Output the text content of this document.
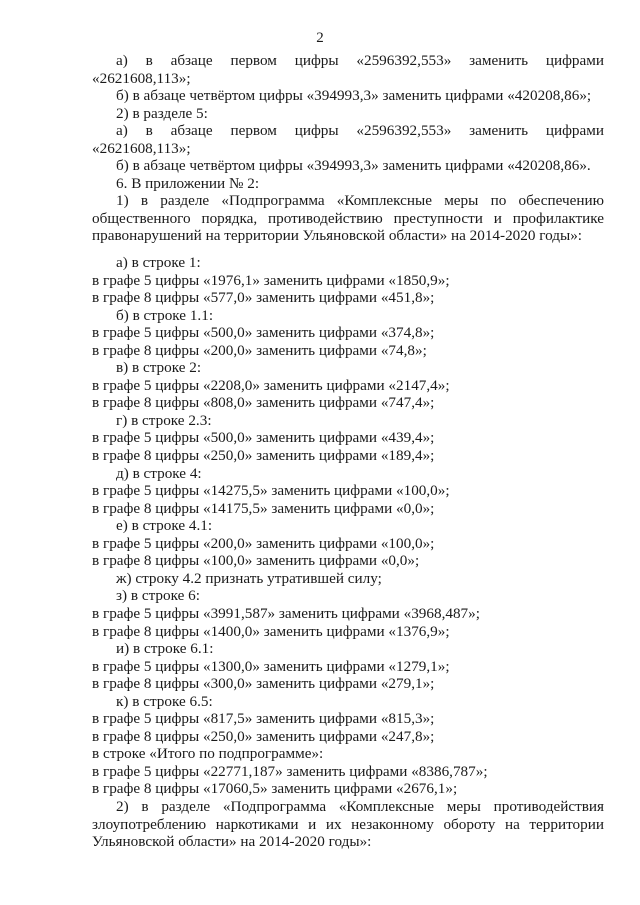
2
а) в абзаце первом цифры «2596392,553» заменить цифрами
«2621608,113»;
б) в абзаце четвёртом цифры «394993,3» заменить цифрами «420208,86»;
2) в разделе 5:
а) в абзаце первом цифры «2596392,553» заменить цифрами
«2621608,113»;
б) в абзаце четвёртом цифры «394993,3» заменить цифрами «420208,86».
6. В приложении № 2:
1) в разделе «Подпрограмма «Комплексные меры по обеспечению
общественного порядка, противодействию преступности и профилактике
правонарушений на территории Ульяновской области» на 2014-2020 годы»:
а) в строке 1:
в графе 5 цифры «1976,1» заменить цифрами «1850,9»;
в графе 8 цифры «577,0» заменить цифрами «451,8»;
б) в строке 1.1:
в графе 5 цифры «500,0» заменить цифрами «374,8»;
в графе 8 цифры «200,0» заменить цифрами «74,8»;
в) в строке 2:
в графе 5 цифры «2208,0» заменить цифрами «2147,4»;
в графе 8 цифры «808,0» заменить цифрами «747,4»;
г) в строке 2.3:
в графе 5 цифры «500,0» заменить цифрами «439,4»;
в графе 8 цифры «250,0» заменить цифрами «189,4»;
д) в строке 4:
в графе 5 цифры «14275,5» заменить цифрами «100,0»;
в графе 8 цифры «14175,5» заменить цифрами «0,0»;
е) в строке 4.1:
в графе 5 цифры «200,0» заменить цифрами «100,0»;
в графе 8 цифры «100,0» заменить цифрами «0,0»;
ж) строку 4.2 признать утратившей силу;
з) в строке 6:
в графе 5 цифры «3991,587» заменить цифрами «3968,487»;
в графе 8 цифры «1400,0» заменить цифрами «1376,9»;
и) в строке 6.1:
в графе 5 цифры «1300,0» заменить цифрами «1279,1»;
в графе 8 цифры «300,0» заменить цифрами «279,1»;
к) в строке 6.5:
в графе 5 цифры «817,5» заменить цифрами «815,3»;
в графе 8 цифры «250,0» заменить цифрами «247,8»;
в строке «Итого по подпрограмме»:
в графе 5 цифры «22771,187» заменить цифрами «8386,787»;
в графе 8 цифры «17060,5» заменить цифрами «2676,1»;
2) в разделе «Подпрограмма «Комплексные меры противодействия
злоупотреблению наркотиками и их незаконному обороту на территории
Ульяновской области» на 2014-2020 годы»:
